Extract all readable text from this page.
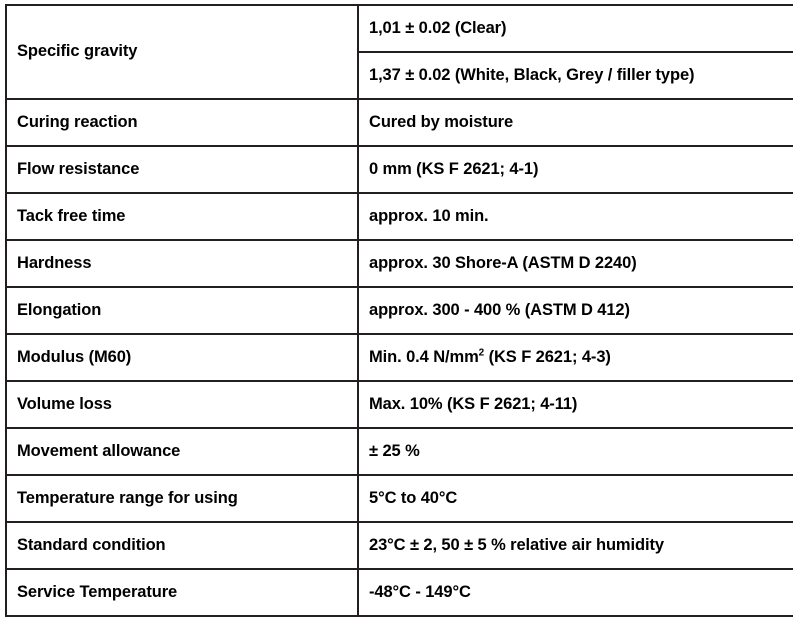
Specific gravity	1,01 ± 0.02 (Clear)
	1,37 ± 0.02 (White, Black, Grey / filler type)
Curing reaction	Cured by moisture
Flow resistance	0 mm (KS F 2621; 4-1)
Tack free time	approx. 10 min.
Hardness	approx. 30 Shore-A (ASTM D 2240)
Elongation	approx. 300 - 400 % (ASTM D 412)
Modulus (M60)	Min. 0.4 $N/mm^2$ (KS F 2621; 4-3)
Volume loss	Max. 10% (KS F 2621; 4-11)
Movement allowance	± 25 %
Temperature range for using	5°C to 40°C
Standard condition	23°C ± 2, 50 ± 5 % relative air humidity
Service Temperature	-48°C - 149°C
